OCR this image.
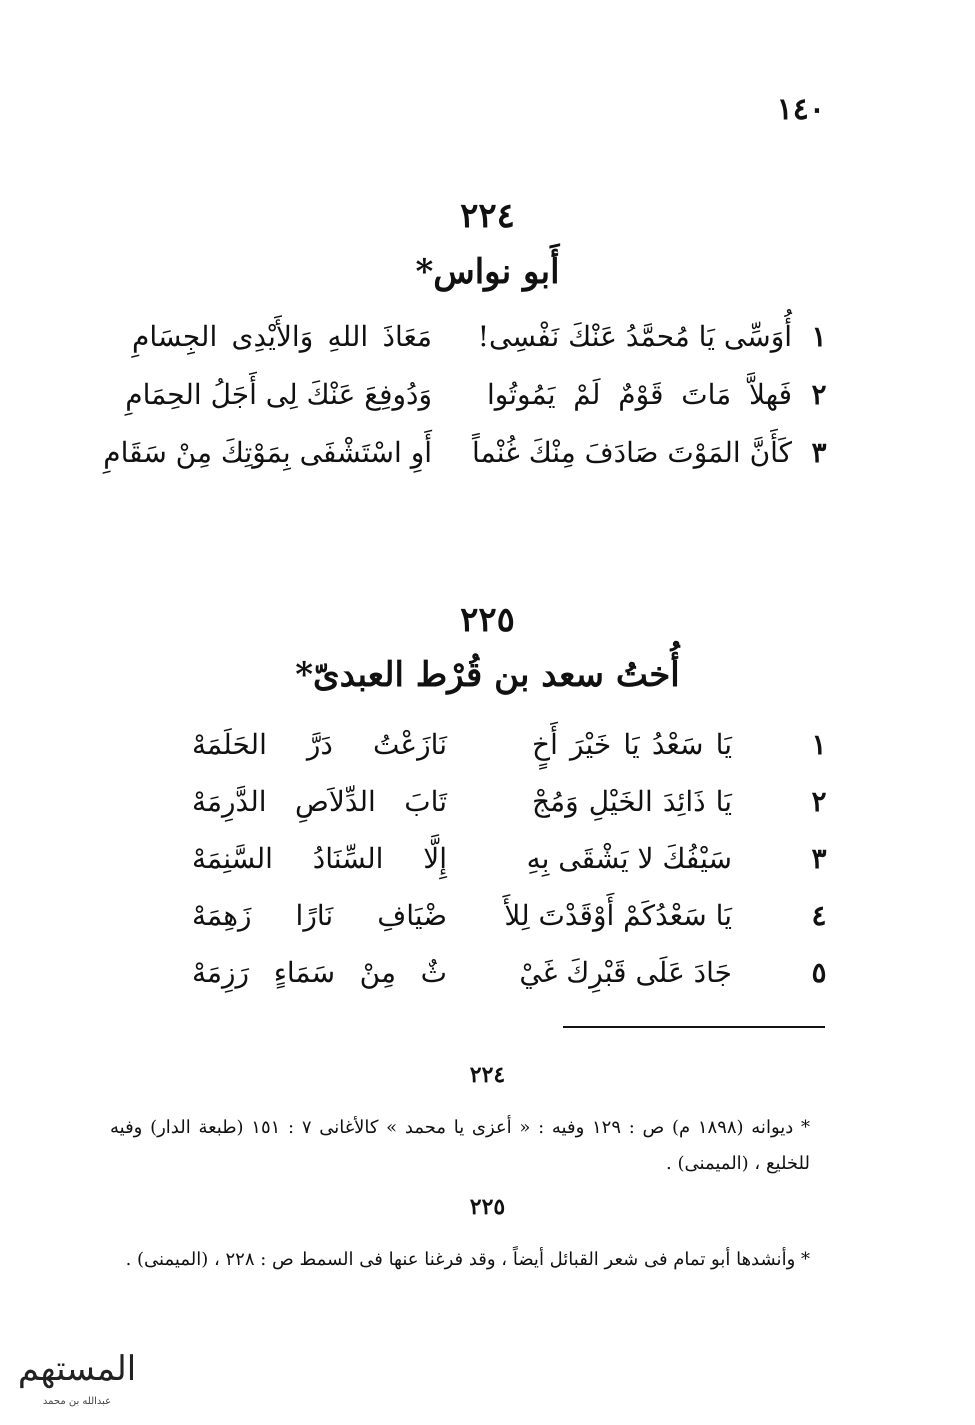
١٤٠
٢٢٤
أَبو نواس*
١
أُوَسِّى يَا مُحمَّدُ عَنْكَ نَفْسِى!
مَعَاذَ اللهِ وَالأَيْدِى الجِسَامِ
٢
فَهلاَّ مَاتَ قَوْمٌ لَمْ يَمُوتُوا
وَدُوفِعَ عَنْكَ لِى أَجَلُ الحِمَامِ
٣
كَأَنَّ المَوْتَ صَادَفَ مِنْكَ غُنْماً
أَوِ اسْتَشْفَى بِمَوْتِكَ مِنْ سَقَامِ
٢٢٥
أُختُ سعد بن قُرْط العبدىّ*
١
يَا سَعْدُ يَا خَيْرَ أَخٍ
نَازَعْتُ دَرَّ الحَلَمَهْ
٢
يَا ذَائِدَ الخَيْلِ وَمُجْ
تَابَ الدِّلاَصِ الدَّرِمَهْ
٣
سَيْفُكَ لا يَشْقَى بِهِ
إِلَّا السِّنَادُ السَّنِمَهْ
٤
يَا سَعْدُكَمْ أَوْقَدْتَ لِلأَ
ضْيَافِ نَارًا زَهِمَهْ
٥
جَادَ عَلَى قَبْرِكَ غَيْ
ثٌ مِنْ سَمَاءٍ رَزِمَهْ
٢٢٤
* ديوانه (١٨٩٨ م) ص : ١٢٩ وفيه : « أعزى يا محمد » كالأغانى ٧ : ١٥١ (طبعة الدار) وفيه للخليع ، (الميمنى) .
٢٢٥
* وأنشدها أبو تمام فى شعر القبائل أيضاً ، وقد فرغنا عنها فى السمط ص : ٢٢٨ ، (الميمنى) .
المستهم
عبدالله بن محمد
